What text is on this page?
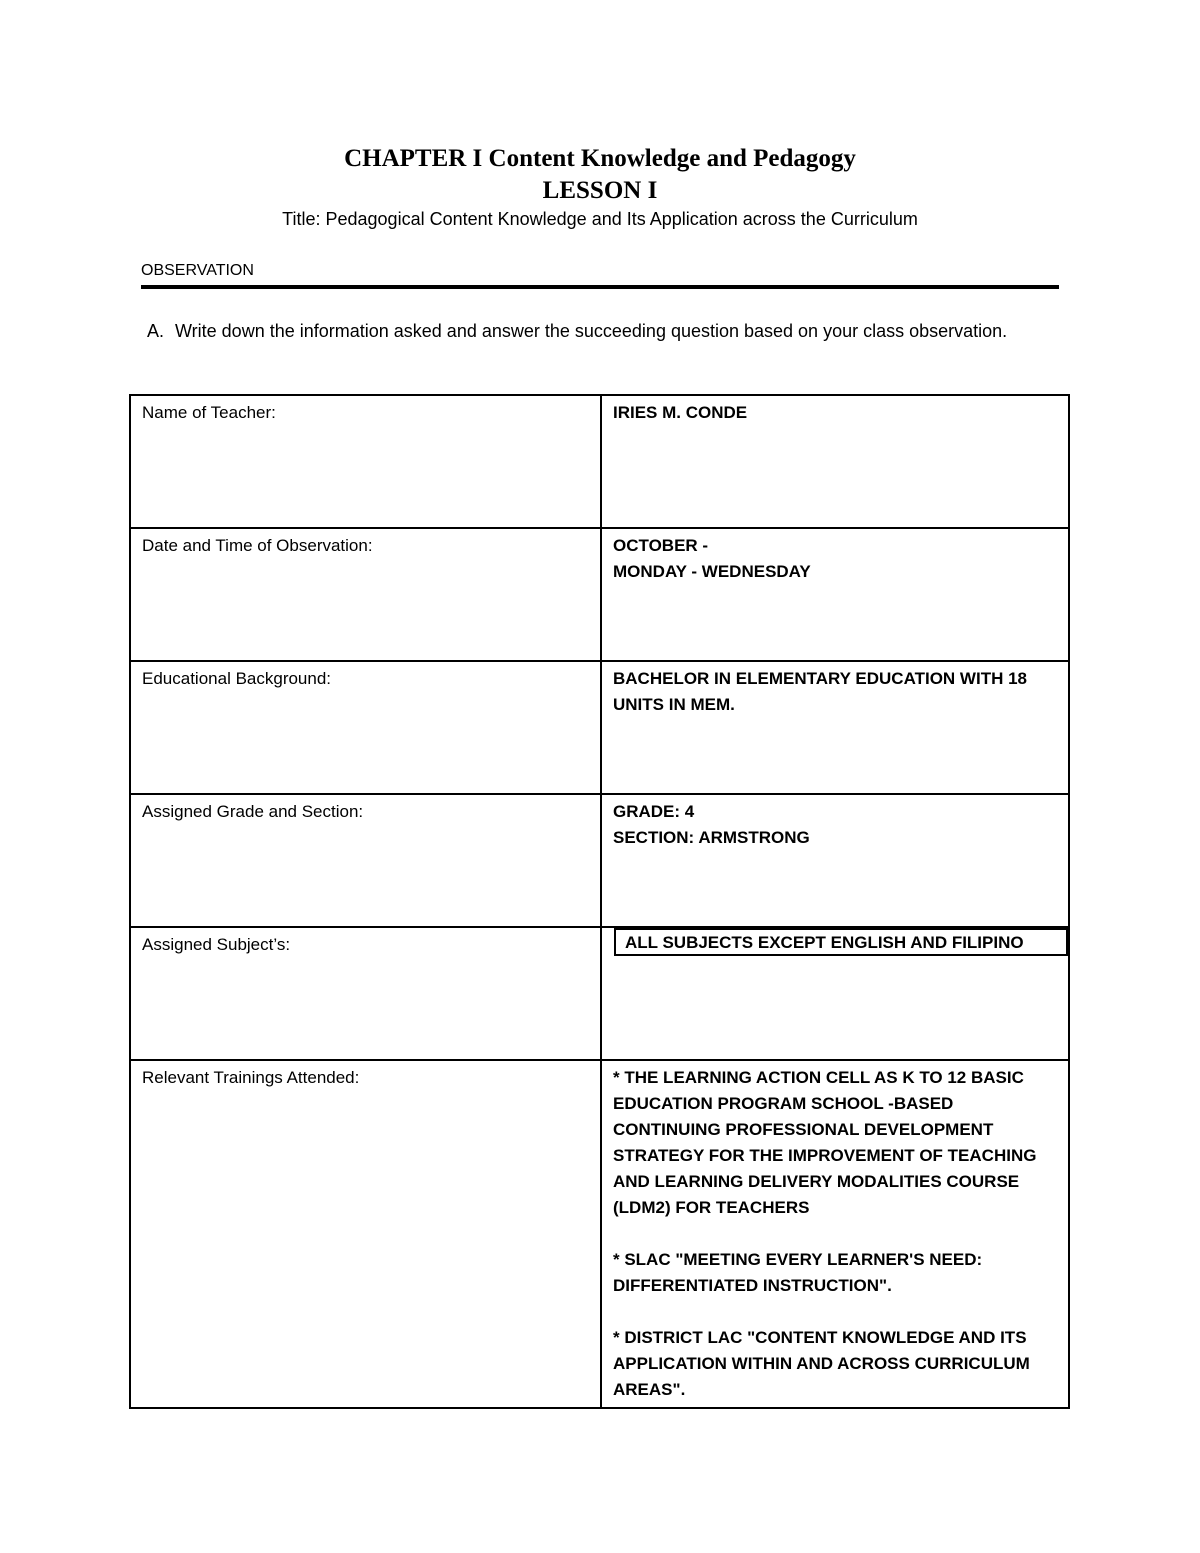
CHAPTER I Content Knowledge and Pedagogy
LESSON I
Title: Pedagogical Content Knowledge and Its Application across the Curriculum
OBSERVATION
A. Write down the information asked and answer the succeeding question based on your class observation.
Name of Teacher:	IRIES M. CONDE

Date and Time of Observation:	OCTOBER -
MONDAY - WEDNESDAY

Educational Background:	BACHELOR IN ELEMENTARY EDUCATION WITH 18 UNITS IN MEM.

Assigned Grade and Section:	GRADE: 4
SECTION: ARMSTRONG

Assigned Subject’s:	ALL SUBJECTS EXCEPT ENGLISH AND FILIPINO

Relevant Trainings Attended:	* THE LEARNING ACTION CELL AS K TO 12 BASIC EDUCATION PROGRAM SCHOOL -BASED CONTINUING PROFESSIONAL DEVELOPMENT STRATEGY FOR THE IMPROVEMENT OF TEACHING AND LEARNING DELIVERY MODALITIES COURSE (LDM2) FOR TEACHERS
* SLAC "MEETING EVERY LEARNER'S NEED: DIFFERENTIATED INSTRUCTION".
* DISTRICT LAC "CONTENT KNOWLEDGE AND ITS APPLICATION WITHIN AND ACROSS CURRICULUM AREAS".
